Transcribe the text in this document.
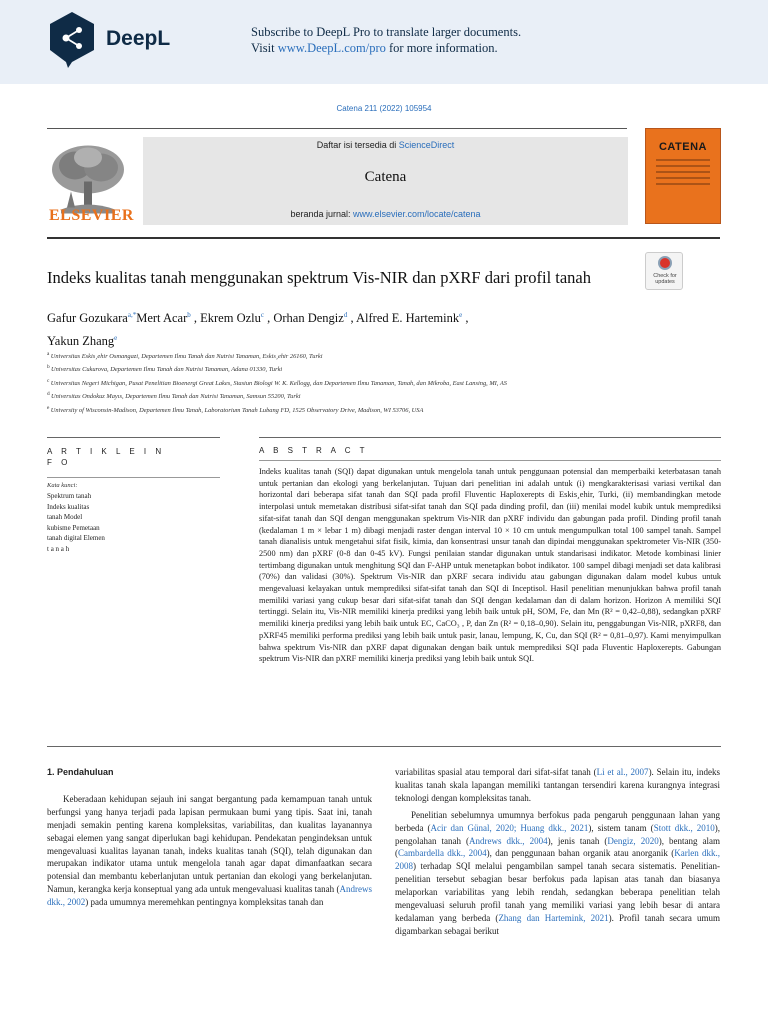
DeepL	Subscribe to DeepL Pro to translate larger documents.
Visit www.DeepL.com/pro for more information.
Catena 211 (2022) 105954
ELSEVIER
Daftar isi tersedia di ScienceDirect
Catena
beranda jurnal: www.elsevier.com/locate/catena
CATENA
Indeks kualitas tanah menggunakan spektrum Vis-NIR dan pXRF dari profil tanah	Check for updates
Gafur Gozukara$^{a,*}$Mert Acar$^b$ , Ekrem Ozlu$^c$ , Orhan Dengiz$^d$ , Alfred E. Hartemink$^e$ ,
Yakun Zhang$^e$
$^a$ Universitas Eskis¸ehir Osmangazi, Departemen Ilmu Tanah dan Nutrisi Tanaman, Eskis¸ehir 26160, Turki
$^b$ Universitas Cukurova, Departemen Ilmu Tanah dan Nutrisi Tanaman, Adana 01330, Turki
$^c$ Universitas Negeri Michigan, Pusat Penelitian Bioenergi Great Lakes, Stasiun Biologi W. K. Kellogg, dan Departemen Ilmu Tanaman, Tanah, dan Mikroba, East Lansing, MI, AS
$^d$ Universitas Ondokuz Mayıs, Departemen Ilmu Tanah dan Nutrisi Tanaman, Samsun 55200, Turki
$^e$ University of Wisconsin-Madison, Departemen Ilmu Tanah, Laboratorium Tanah Lubang FD, 1525 Observatory Drive, Madison, WI 53706, USA
A R T I K L E I N F O
Kata kunci:
Spektrum tanah
Indeks kualitas
tanah Model
kubisme Pemetaan
tanah digital Elemen
t a n a h
A B S T R A C T
Indeks kualitas tanah (SQI) dapat digunakan untuk mengelola tanah untuk penggunaan potensial dan memperbaiki keterbatasan tanah untuk pertanian dan ekologi yang berkelanjutan. Tujuan dari penelitian ini adalah untuk (i) mengkarakterisasi variasi vertikal dan horizontal dari beberapa sifat tanah dan SQI pada profil Fluventic Haploxerepts di Eskis¸ehir, Turki, (ii) membandingkan metode interpolasi untuk memetakan distribusi sifat-sifat tanah dan SQI pada dinding profil, dan (iii) menilai model kubik untuk memprediksi sifat-sifat tanah dan SQI dengan menggunakan spektrum Vis-NIR dan pXRF individu dan gabungan pada profil. Dinding profil tanah (kedalaman 1 m × lebar 1 m) dibagi menjadi raster dengan interval 10 × 10 cm untuk mengumpulkan total 100 sampel tanah. Sampel tanah dianalisis untuk mengetahui sifat fisik, kimia, dan konsentrasi unsur tanah dan dipindai menggunakan spektrometer Vis-NIR (350-2500 nm) dan pXRF (0-8 dan 0-45 kV). Fungsi penilaian standar digunakan untuk standarisasi indikator. Metode kombinasi linier tertimbang digunakan untuk menghitung SQI dan F-AHP untuk menetapkan bobot indikator. 100 sampel dibagi menjadi set data kalibrasi (70%) dan validasi (30%). Spektrum Vis-NIR dan pXRF secara individu atau gabungan digunakan dalam model kubus untuk mengevaluasi kelayakan untuk memprediksi sifat-sifat tanah dan SQI di Inceptisol. Hasil penelitian menunjukkan bahwa profil tanah memiliki variasi yang cukup besar dari sifat-sifat tanah dan SQI dengan kedalaman dan di dalam horizon. Horizon A memiliki SQI tertinggi. Selain itu, Vis-NIR memiliki kinerja prediksi yang lebih baik untuk pH, SOM, Fe, dan Mn (R² = 0,42–0,88), sedangkan pXRF memiliki kinerja prediksi yang lebih baik untuk EC, CaCO₃ , P, dan Zn (R² = 0,18–0,90). Selain itu, penggabungan Vis-NIR, pXRF8, dan pXRF45 memiliki performa prediksi yang lebih baik untuk pasir, lanau, lempung, K, Cu, dan SQI (R² = 0,81–0,97). Kami menyimpulkan bahwa spektrum Vis-NIR dan pXRF dapat digunakan dengan baik untuk memprediksi SQI pada Fluventic Haploxerepts. Gabungan spektrum Vis-NIR dan pXRF memiliki kinerja prediksi yang lebih baik untuk SQI.
1. Pendahuluan
Keberadaan kehidupan sejauh ini sangat bergantung pada kemampuan tanah untuk berfungsi yang hanya terjadi pada lapisan permukaan bumi yang tipis. Saat ini, tanah menjadi semakin penting karena kompleksitas, variabilitas, dan kualitas layanannya sebagai elemen yang sangat diperlukan bagi kehidupan. Pendekatan pengindeksan untuk mengevaluasi kualitas layanan tanah, indeks kualitas tanah (SQI), telah digunakan dan merupakan indikator utama untuk mengelola tanah agar dapat dimanfaatkan secara potensial dan membantu keberlanjutan untuk pertanian dan ekologi yang berkelanjutan. Namun, kerangka kerja konseptual yang ada untuk mengevaluasi kualitas tanah (Andrews dkk., 2002) pada umumnya meremehkan pentingnya kompleksitas tanah dan
variabilitas spasial atau temporal dari sifat-sifat tanah (Li et al., 2007). Selain itu, indeks kualitas tanah skala lapangan memiliki tantangan tersendiri karena kurangnya integrasi teknologi dengan kompleksitas tanah.
Penelitian sebelumnya umumnya berfokus pada pengaruh penggunaan lahan yang berbeda (Acir dan Günal, 2020; Huang dkk., 2021), sistem tanam (Stott dkk., 2010), pengolahan tanah (Andrews dkk., 2004), jenis tanah (Dengiz, 2020), bentang alam (Cambardella dkk., 2004), dan penggunaan bahan organik atau anorganik (Karlen dkk., 2008) terhadap SQI melalui pengambilan sampel tanah secara sistematis. Penelitian-penelitian tersebut sebagian besar berfokus pada lapisan atas tanah dan biasanya melaporkan variabilitas yang lebih rendah, sedangkan beberapa penelitian telah mengevaluasi seluruh profil tanah yang memiliki variasi yang lebih besar di antara kedalaman yang berbeda (Zhang dan Hartemink, 2021). Profil tanah secara umum digambarkan sebagai berikut
